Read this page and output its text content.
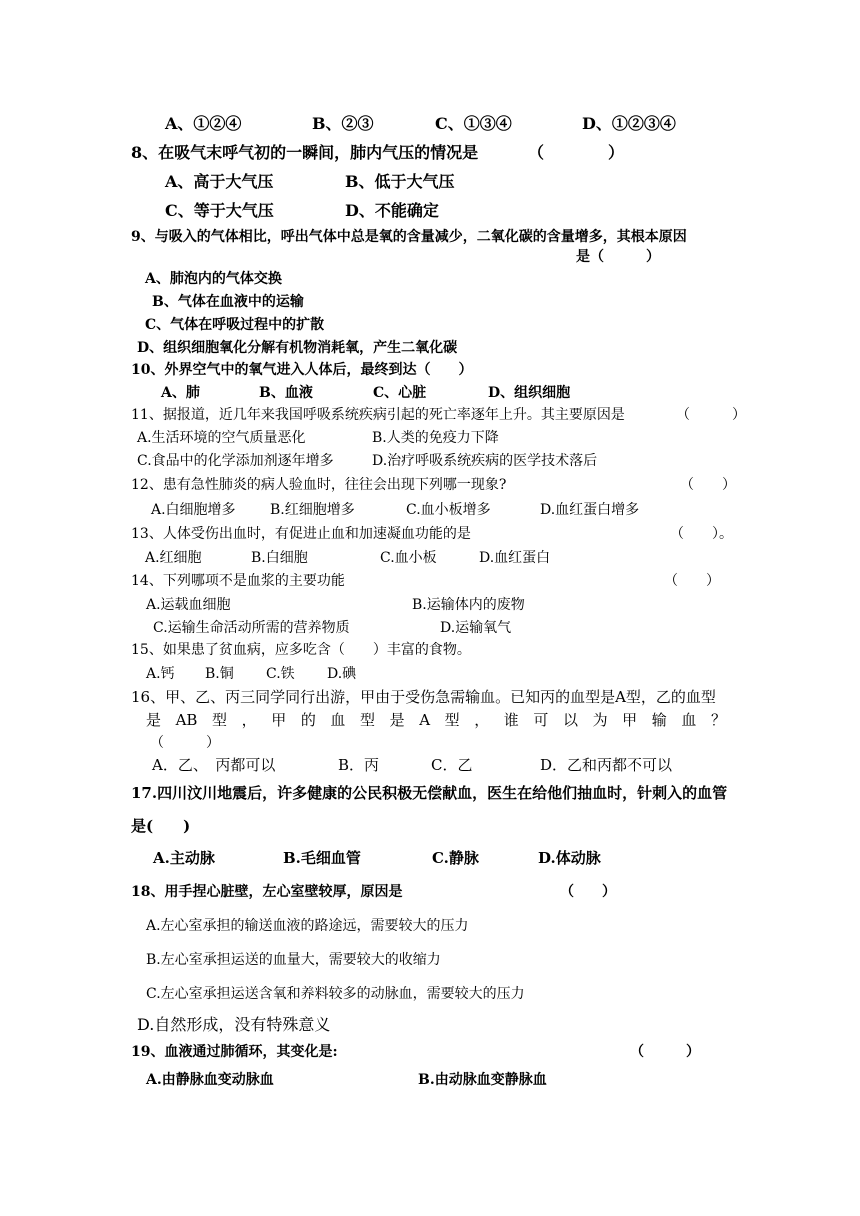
A、①②④	B、②③	C、①③④	D、①②③④
8、在吸气末呼气初的一瞬间，肺内气压的情况是	（　　　　）
A、高于大气压	B、低于大气压
C、等于大气压	D、不能确定
9、与吸入的气体相比，呼出气体中总是氧的含量减少，二氧化碳的含量增多，其根本原因
是（　　　）
A、肺泡内的气体交换
B、气体在血液中的运输
C、气体在呼吸过程中的扩散
D、组织细胞氧化分解有机物消耗氧，产生二氧化碳
10、外界空气中的氧气进入人体后，最终到达（　　）
A、肺	B、血液	C、心脏	D、组织细胞
11、据报道，近几年来我国呼吸系统疾病引起的死亡率逐年上升。其主要原因是	（　　　）
A.生活环境的空气质量恶化	B.人类的免疫力下降
C.食品中的化学添加剂逐年增多	D.治疗呼吸系统疾病的医学技术落后
12、患有急性肺炎的病人验血时，往往会出现下列哪一现象?	（　　）
A.白细胞增多 B.红细胞增多	C.血小板增多	D.血红蛋白增多
13、人体受伤出血时，有促进止血和加速凝血功能的是	（　　）。
A.红细胞	B.白细胞	C.血小板	D.血红蛋白
14、下列哪项不是血浆的主要功能	（　　）
A.运载血细胞	B.运输体内的废物
C.运输生命活动所需的营养物质	D.运输氧气
15、如果患了贫血病，应多吃含（　　）丰富的食物。
A.钙 B.铜 C.铁 D.碘
16、甲、乙、丙三同学同行出游，甲由于受伤急需输血。已知丙的血型是A型，乙的血型
是 AB 型 ， 甲 的 血 型 是 A 型 ， 谁 可 以 为 甲 输 血 ？
（　　　）
A．乙、　丙都可以	B．丙	C．乙	D．乙和丙都不可以
17.四川汶川地震后，许多健康的公民积极无偿献血，医生在给他们抽血时，针刺入的血管
是(　　)
A.主动脉	B.毛细血管	C.静脉	D.体动脉
18、用手捏心脏壁，左心室壁较厚，原因是	（　　）
A.左心室承担的输送血液的路途远，需要较大的压力
B.左心室承担运送的血量大，需要较大的收缩力
C.左心室承担运送含氧和养料较多的动脉血，需要较大的压力
D.自然形成，没有特殊意义
19、血液通过肺循环，其变化是:	（　　　）
A.由静脉血变动脉血	B.由动脉血变静脉血
